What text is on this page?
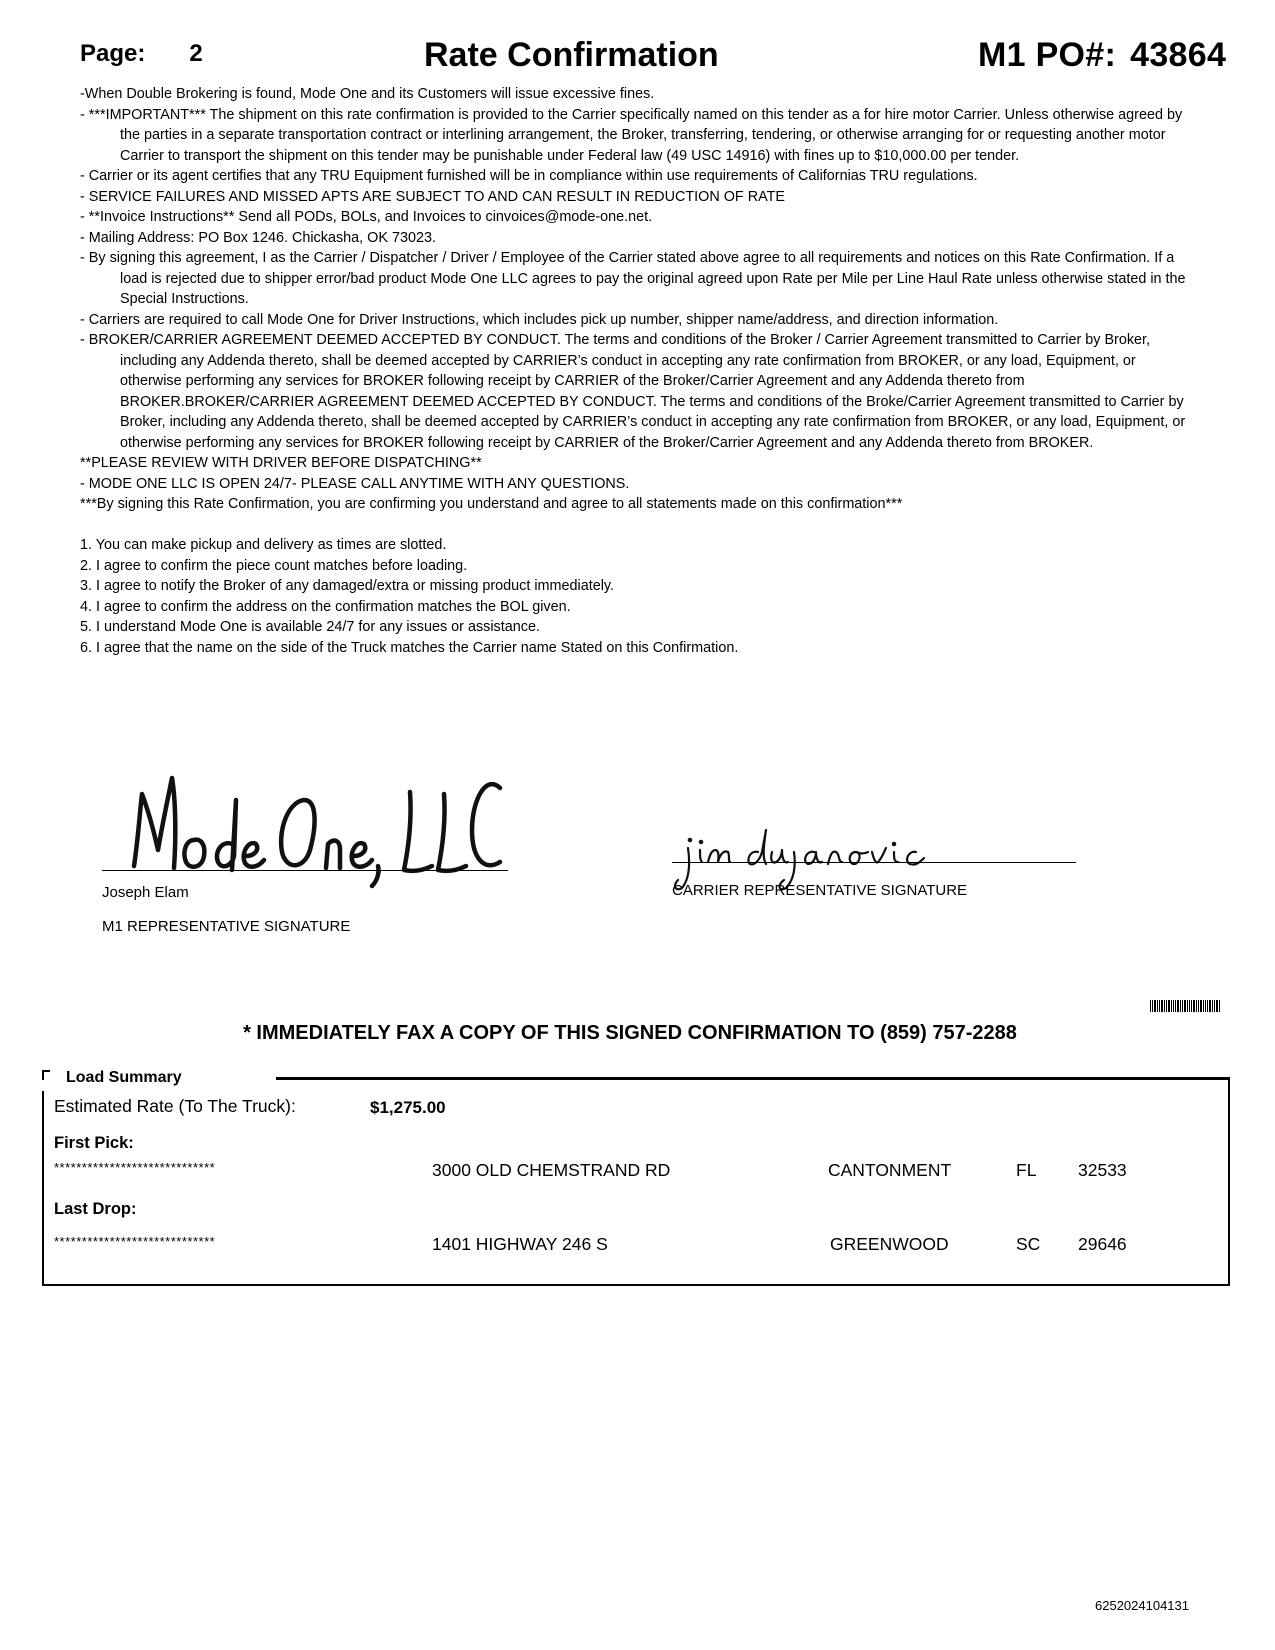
Page: 2	Rate Confirmation	M1 PO#: 43864

-When Double Brokering is found, Mode One and its Customers will issue excessive fines.

- ***IMPORTANT*** The shipment on this rate confirmation is provided to the Carrier specifically named on this tender as a for hire motor Carrier. Unless otherwise agreed by the parties in a separate transportation contract or interlining arrangement, the Broker, transferring, tendering, or otherwise arranging for or requesting another motor Carrier to transport the shipment on this tender may be punishable under Federal law (49 USC 14916) with fines up to $10,000.00 per tender.

- Carrier or its agent certifies that any TRU Equipment furnished will be in compliance within use requirements of Californias TRU regulations.

- SERVICE FAILURES AND MISSED APTS ARE SUBJECT TO AND CAN RESULT IN REDUCTION OF RATE

- **Invoice Instructions** Send all PODs, BOLs, and Invoices to cinvoices@mode-one.net.

- Mailing Address: PO Box 1246. Chickasha, OK 73023.

- By signing this agreement, I as the Carrier / Dispatcher / Driver / Employee of the Carrier stated above agree to all requirements and notices on this Rate Confirmation. If a load is rejected due to shipper error/bad product Mode One LLC agrees to pay the original agreed upon Rate per Mile per Line Haul Rate unless otherwise stated in the Special Instructions.

- Carriers are required to call Mode One for Driver Instructions, which includes pick up number, shipper name/address, and direction information.

- BROKER/CARRIER AGREEMENT DEEMED ACCEPTED BY CONDUCT. The terms and conditions of the Broker / Carrier Agreement transmitted to Carrier by Broker, including any Addenda thereto, shall be deemed accepted by CARRIER’s conduct in accepting any rate confirmation from BROKER, or any load, Equipment, or otherwise performing any services for BROKER following receipt by CARRIER of the Broker/Carrier Agreement and any Addenda thereto from BROKER.BROKER/CARRIER AGREEMENT DEEMED ACCEPTED BY CONDUCT. The terms and conditions of the Broke/Carrier Agreement transmitted to Carrier by Broker, including any Addenda thereto, shall be deemed accepted by CARRIER’s conduct in accepting any rate confirmation from BROKER, or any load, Equipment, or otherwise performing any services for BROKER following receipt by CARRIER of the Broker/Carrier Agreement and any Addenda thereto from BROKER.

**PLEASE REVIEW WITH DRIVER BEFORE DISPATCHING**

- MODE ONE LLC IS OPEN 24/7- PLEASE CALL ANYTIME WITH ANY QUESTIONS.

***By signing this Rate Confirmation, you are confirming you understand and agree to all statements made on this confirmation***

1. You can make pickup and delivery as times are slotted.

2. I agree to confirm the piece count matches before loading.

3. I agree to notify the Broker of any damaged/extra or missing product immediately.

4. I agree to confirm the address on the confirmation matches the BOL given.

5. I understand Mode One is available 24/7 for any issues or assistance.

6. I agree that the name on the side of the Truck matches the Carrier name Stated on this Confirmation.

Joseph Elam
M1 REPRESENTATIVE SIGNATURE
CARRIER REPRESENTATIVE SIGNATURE
* IMMEDIATELY FAX A COPY OF THIS SIGNED CONFIRMATION TO (859) 757-2288
Load Summary
Estimated Rate (To The Truck):	$1,275.00
First Pick:
*****************************	3000 OLD CHEMSTRAND RD	CANTONMENT	FL 32533
Last Drop:
*****************************	1401 HIGHWAY 246 S	GREENWOOD	SC 29646
6252024104131
